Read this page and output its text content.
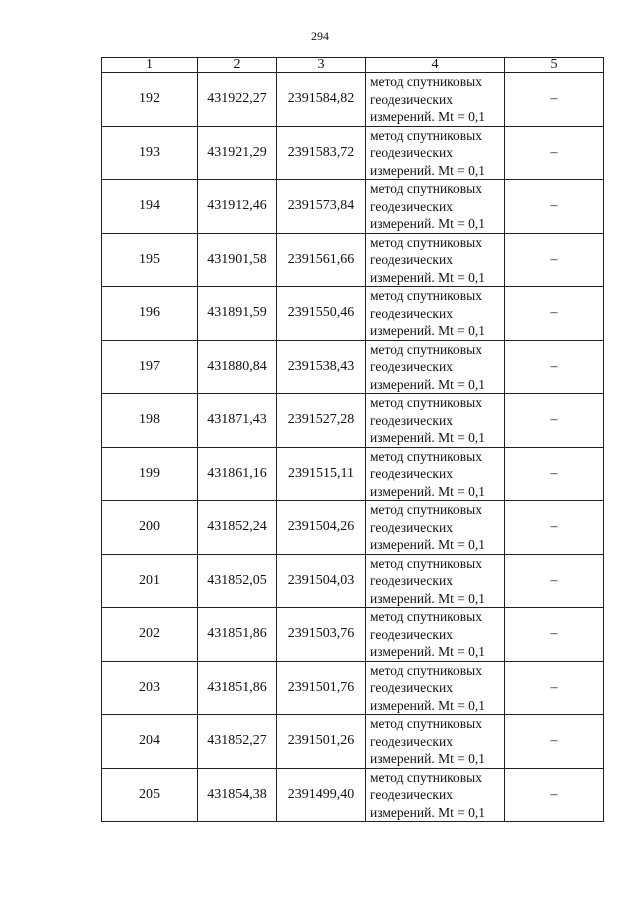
294
1	2	3	4	5
192	431922,27	2391584,82	метод спутниковых
геодезических
измерений. Mt = 0,1	–
193	431921,29	2391583,72	метод спутниковых
геодезических
измерений. Mt = 0,1	–
194	431912,46	2391573,84	метод спутниковых
геодезических
измерений. Mt = 0,1	–
195	431901,58	2391561,66	метод спутниковых
геодезических
измерений. Mt = 0,1	–
196	431891,59	2391550,46	метод спутниковых
геодезических
измерений. Mt = 0,1	–
197	431880,84	2391538,43	метод спутниковых
геодезических
измерений. Mt = 0,1	–
198	431871,43	2391527,28	метод спутниковых
геодезических
измерений. Mt = 0,1	–
199	431861,16	2391515,11	метод спутниковых
геодезических
измерений. Mt = 0,1	–
200	431852,24	2391504,26	метод спутниковых
геодезических
измерений. Mt = 0,1	–
201	431852,05	2391504,03	метод спутниковых
геодезических
измерений. Mt = 0,1	–
202	431851,86	2391503,76	метод спутниковых
геодезических
измерений. Mt = 0,1	–
203	431851,86	2391501,76	метод спутниковых
геодезических
измерений. Mt = 0,1	–
204	431852,27	2391501,26	метод спутниковых
геодезических
измерений. Mt = 0,1	–
205	431854,38	2391499,40	метод спутниковых
геодезических
измерений. Mt = 0,1	–
